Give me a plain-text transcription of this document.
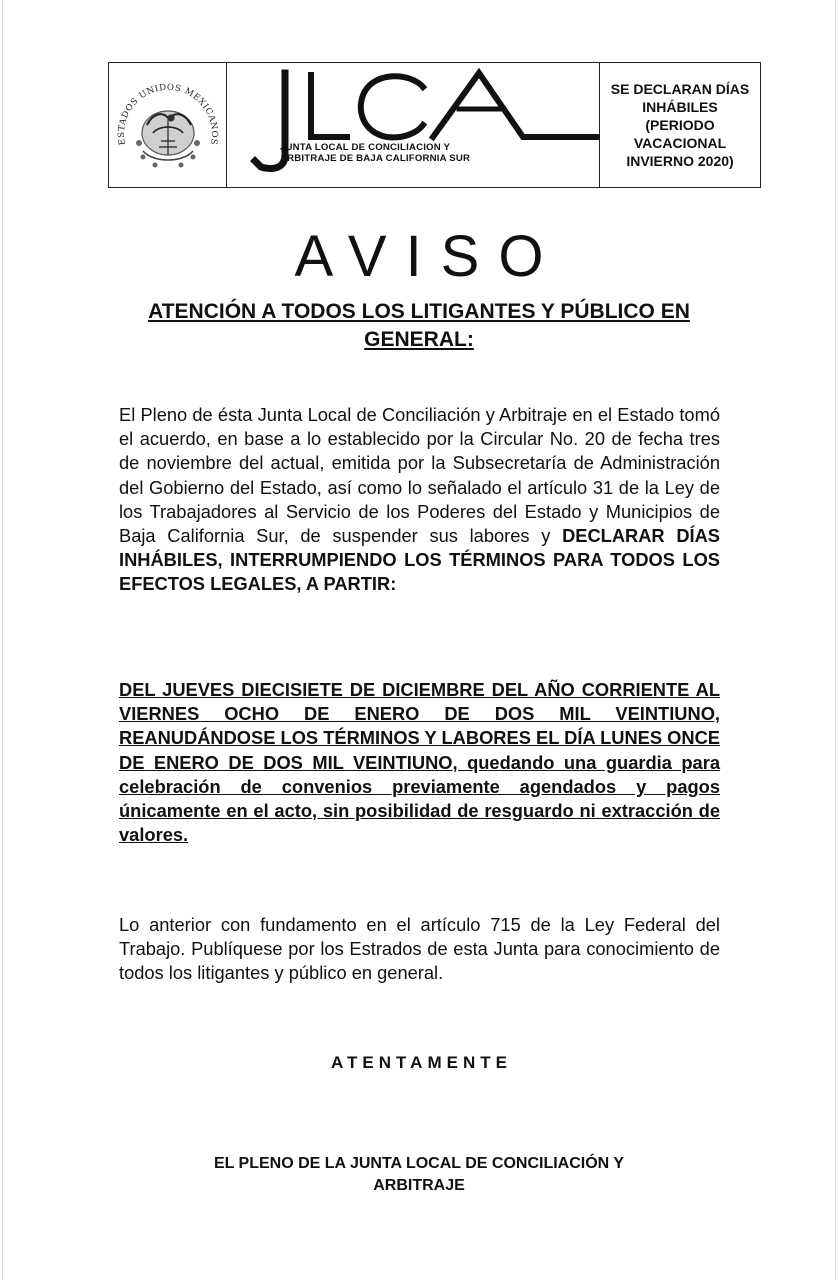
ESTADOS UNIDOS MEXICANOS
JUNTA LOCAL DE CONCILIACION Y
ARBITRAJE DE BAJA CALIFORNIA SUR
SE DECLARAN DÍAS
INHÁBILES
(PERIODO VACACIONAL
INVIERNO 2020)
AVISO
ATENCIÓN A TODOS LOS LITIGANTES Y PÚBLICO EN GENERAL:
El Pleno de ésta Junta Local de Conciliación y Arbitraje en el Estado tomó el acuerdo, en base a lo establecido por la Circular No. 20 de fecha tres de noviembre del actual, emitida por la Subsecretaría de Administración del Gobierno del Estado, así como lo señalado el artículo 31 de la Ley de los Trabajadores al Servicio de los Poderes del Estado y Municipios de Baja California Sur, de suspender sus labores y DECLARAR DÍAS INHÁBILES, INTERRUMPIENDO LOS TÉRMINOS PARA TODOS LOS EFECTOS LEGALES, A PARTIR:
DEL JUEVES DIECISIETE DE DICIEMBRE DEL AÑO CORRIENTE AL VIERNES OCHO DE ENERO DE DOS MIL VEINTIUNO, REANUDÁNDOSE LOS TÉRMINOS Y LABORES EL DÍA LUNES ONCE DE ENERO DE DOS MIL VEINTIUNO, quedando una guardia para celebración de convenios previamente agendados y pagos únicamente en el acto, sin posibilidad de resguardo ni extracción de valores.
Lo anterior con fundamento en el artículo 715 de la Ley Federal del Trabajo. Publíquese por los Estrados de esta Junta para conocimiento de todos los litigantes y público en general.
ATENTAMENTE
EL PLENO DE LA JUNTA LOCAL DE CONCILIACIÓN Y
ARBITRAJE
